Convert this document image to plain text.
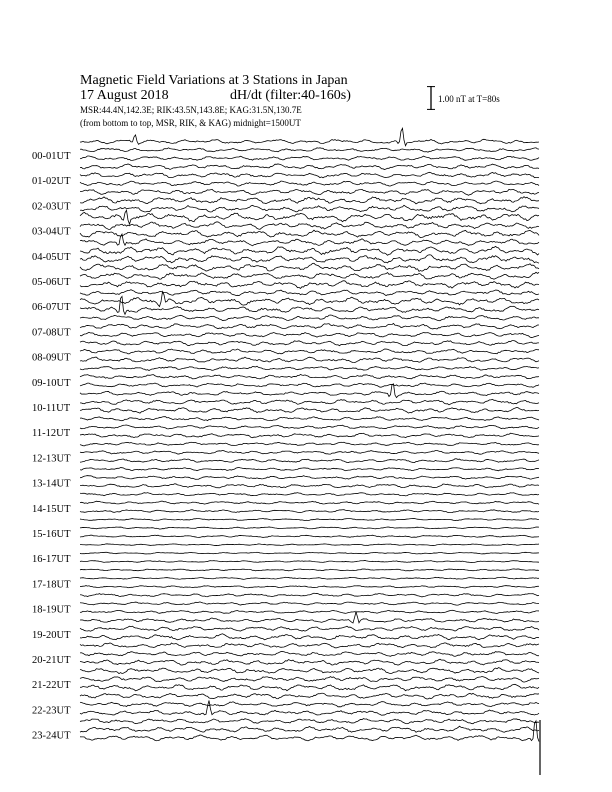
Magnetic Field Variations at 3 Stations in Japan
17 August 2018	dH/dt (filter:40-160s)
MSR:44.4N,142.3E; RIK:43.5N,143.8E; KAG:31.5N,130.7E
(from bottom to top, MSR, RIK, & KAG) midnight=1500UT
1.00 nT at T=80s
00-01UT
01-02UT
02-03UT
03-04UT
04-05UT
05-06UT
06-07UT
07-08UT
08-09UT
09-10UT
10-11UT
11-12UT
12-13UT
13-14UT
14-15UT
15-16UT
16-17UT
17-18UT
18-19UT
19-20UT
20-21UT
21-22UT
22-23UT
23-24UT
